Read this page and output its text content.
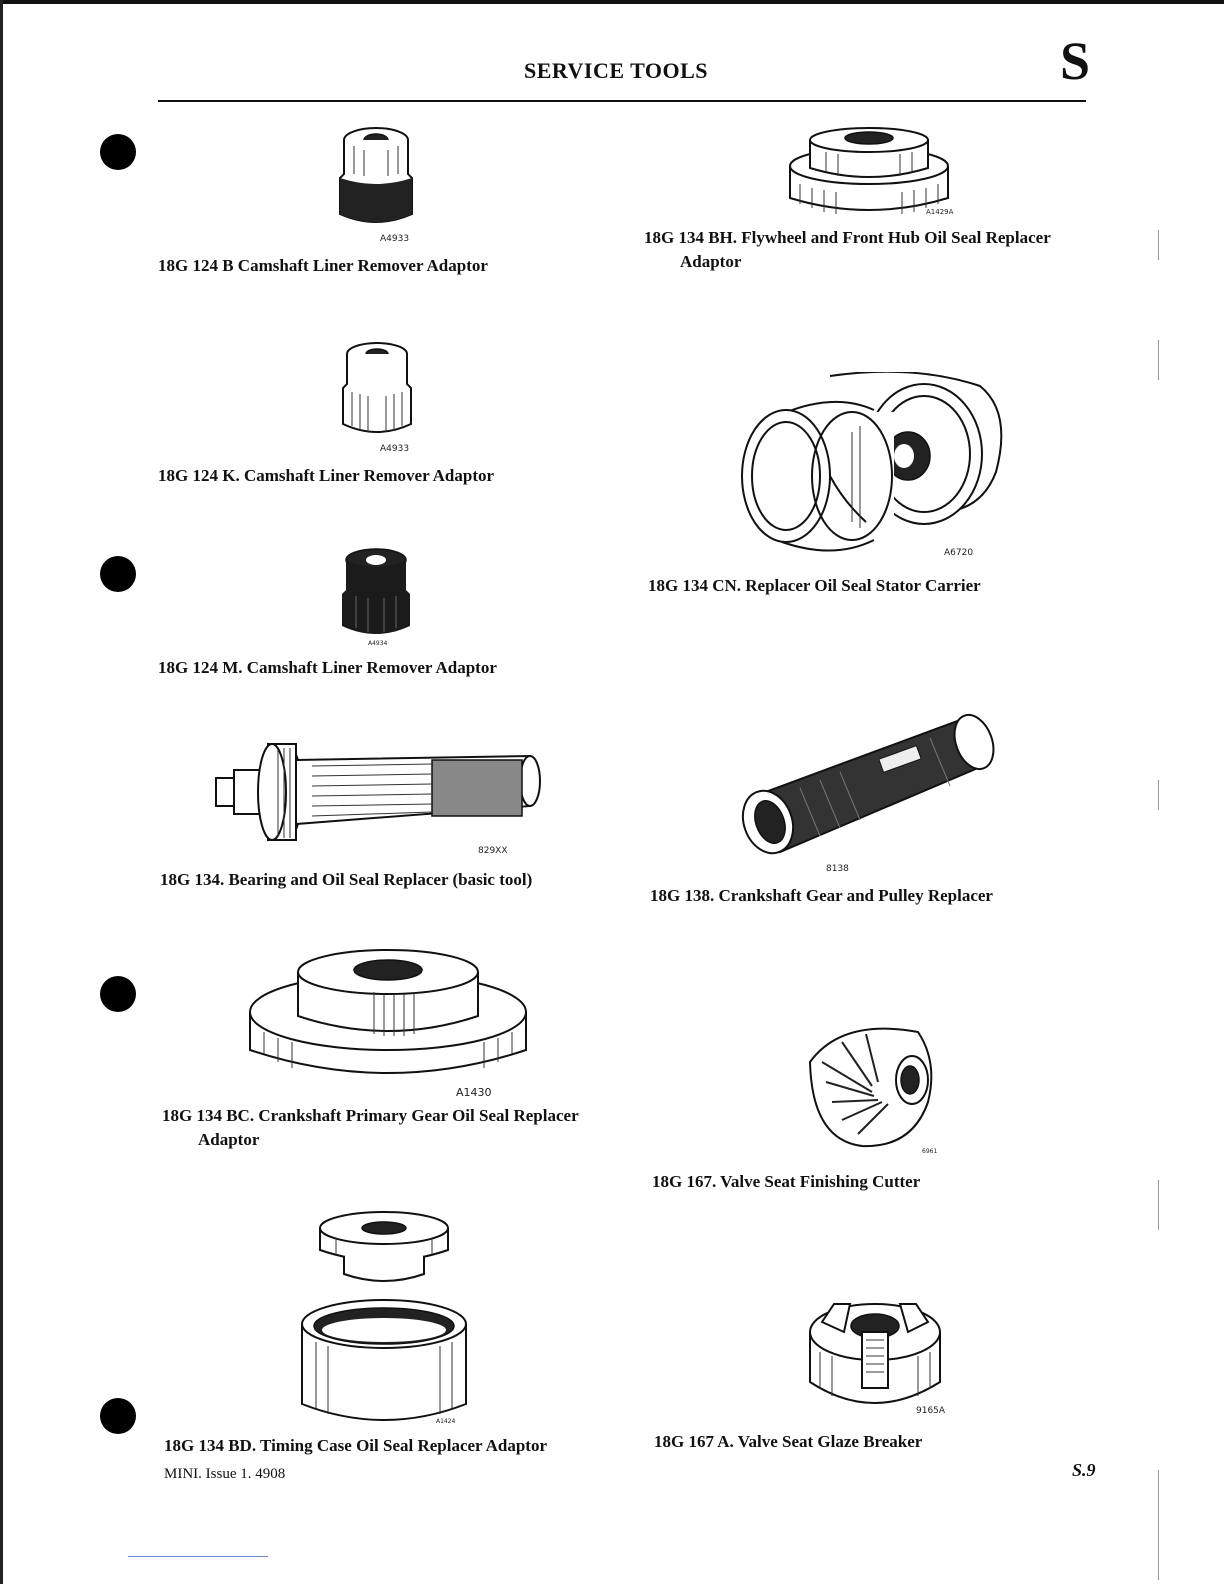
SERVICE TOOLS	S
A4933
18G 124 B Camshaft Liner Remover Adaptor
A1429A
18G 134 BH. Flywheel and Front Hub Oil Seal Replacer
Adaptor
A4933
18G 124 K. Camshaft Liner Remover Adaptor
A6720
18G 134 CN. Replacer Oil Seal Stator Carrier
A4934
18G 124 M. Camshaft Liner Remover Adaptor
829XX
18G 134. Bearing and Oil Seal Replacer (basic tool)
8138
18G 138. Crankshaft Gear and Pulley Replacer
A1430
18G 134 BC. Crankshaft Primary Gear Oil Seal Replacer
Adaptor
6961
18G 167. Valve Seat Finishing Cutter
A1424
18G 134 BD. Timing Case Oil Seal Replacer Adaptor
9165A
18G 167 A. Valve Seat Glaze Breaker
MINI. Issue 1. 4908	S.9
